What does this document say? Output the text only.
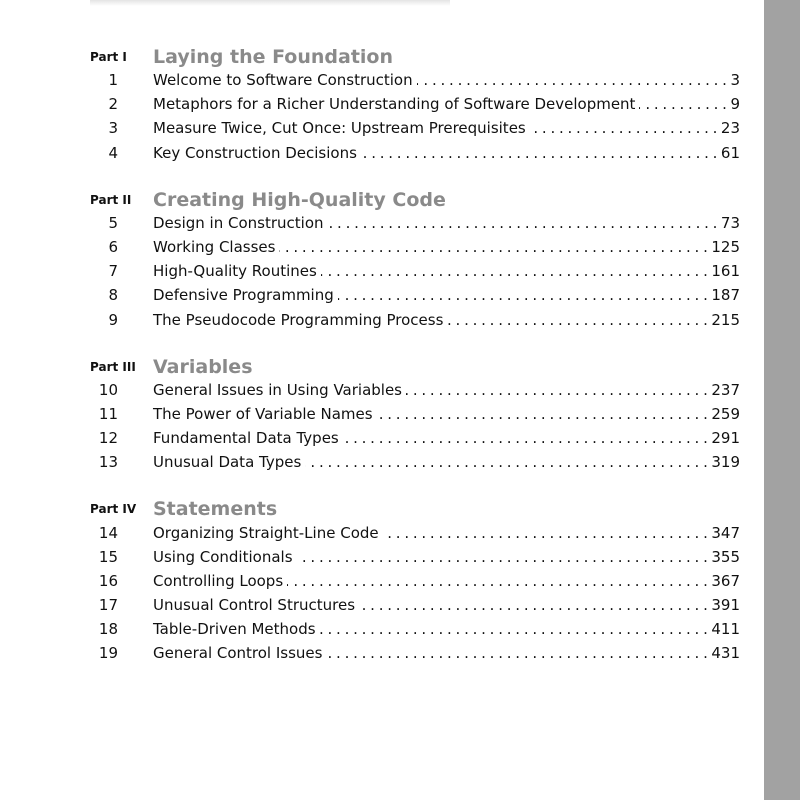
Part I	Laying the Foundation
1 Welcome to Software Construction . . .	3
2 Metaphors for a Richer Understanding of Software Development . . .	9
3 Measure Twice, Cut Once: Upstream Prerequisites . . .	23
4 Key Construction Decisions . . .	61
Part II	Creating High-Quality Code
5 Design in Construction . . .	73
6 Working Classes . . .	125
7 High-Quality Routines . . .	161
8 Defensive Programming . . .	187
9 The Pseudocode Programming Process . . .	215
Part III Variables
10 General Issues in Using Variables . . .	237
11 The Power of Variable Names . . .	259
12 Fundamental Data Types . . .	291
13 Unusual Data Types . . .	319
Part IV Statements
14 Organizing Straight-Line Code . . .	347
15 Using Conditionals . . .	355
16 Controlling Loops . . .	367
17 Unusual Control Structures . . .	391
18 Table-Driven Methods . . .	411
19 General Control Issues . . .	431
